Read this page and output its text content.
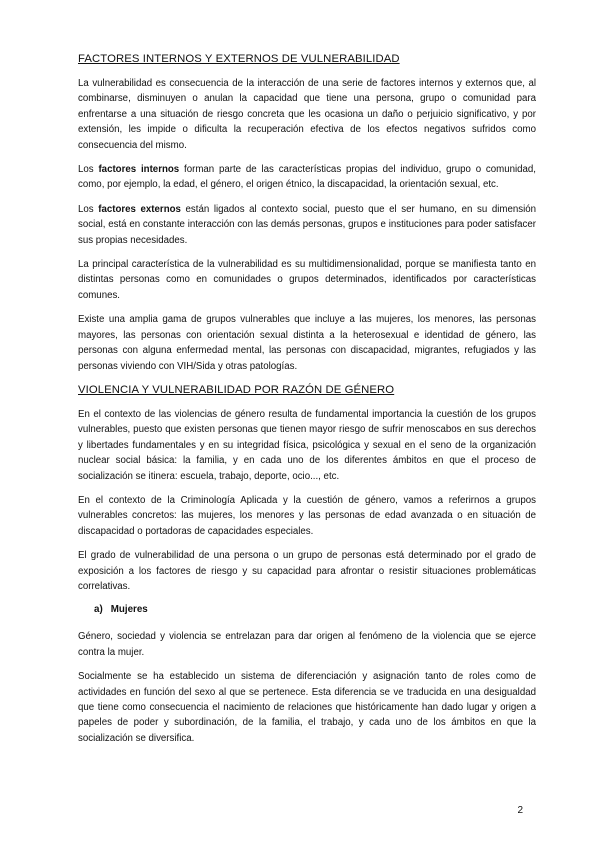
FACTORES INTERNOS Y EXTERNOS DE VULNERABILIDAD

La vulnerabilidad es consecuencia de la interacción de una serie de factores internos y externos que, al combinarse, disminuyen o anulan la capacidad que tiene una persona, grupo o comunidad para enfrentarse a una situación de riesgo concreta que les ocasiona un daño o perjuicio significativo, y por extensión, les impide o dificulta la recuperación efectiva de los efectos negativos sufridos como consecuencia del mismo.

Los factores internos forman parte de las características propias del individuo, grupo o comunidad, como, por ejemplo, la edad, el género, el origen étnico, la discapacidad, la orientación sexual, etc.

Los factores externos están ligados al contexto social, puesto que el ser humano, en su dimensión social, está en constante interacción con las demás personas, grupos e instituciones para poder satisfacer sus propias necesidades.

La principal característica de la vulnerabilidad es su multidimensionalidad, porque se manifiesta tanto en distintas personas como en comunidades o grupos determinados, identificados por características comunes.

Existe una amplia gama de grupos vulnerables que incluye a las mujeres, los menores, las personas mayores, las personas con orientación sexual distinta a la heterosexual e identidad de género, las personas con alguna enfermedad mental, las personas con discapacidad, migrantes, refugiados y las personas viviendo con VIH/Sida y otras patologías.

VIOLENCIA Y VULNERABILIDAD POR RAZÓN DE GÉNERO

En el contexto de las violencias de género resulta de fundamental importancia la cuestión de los grupos vulnerables, puesto que existen personas que tienen mayor riesgo de sufrir menoscabos en sus derechos y libertades fundamentales y en su integridad física, psicológica y sexual en el seno de la organización nuclear social básica: la familia, y en cada uno de los diferentes ámbitos en que el proceso de socialización se itinera: escuela, trabajo, deporte, ocio..., etc.

En el contexto de la Criminología Aplicada y la cuestión de género, vamos a referirnos a grupos vulnerables concretos: las mujeres, los menores y las personas de edad avanzada o en situación de discapacidad o portadoras de capacidades especiales.

El grado de vulnerabilidad de una persona o un grupo de personas está determinado por el grado de exposición a los factores de riesgo y su capacidad para afrontar o resistir situaciones problemáticas correlativas.

a) Mujeres

Género, sociedad y violencia se entrelazan para dar origen al fenómeno de la violencia que se ejerce contra la mujer.

Socialmente se ha establecido un sistema de diferenciación y asignación tanto de roles como de actividades en función del sexo al que se pertenece. Esta diferencia se ve traducida en una desigualdad que tiene como consecuencia el nacimiento de relaciones que históricamente han dado lugar y origen a papeles de poder y subordinación, de la familia, el trabajo, y cada uno de los ámbitos en que la socialización se diversifica.

2
